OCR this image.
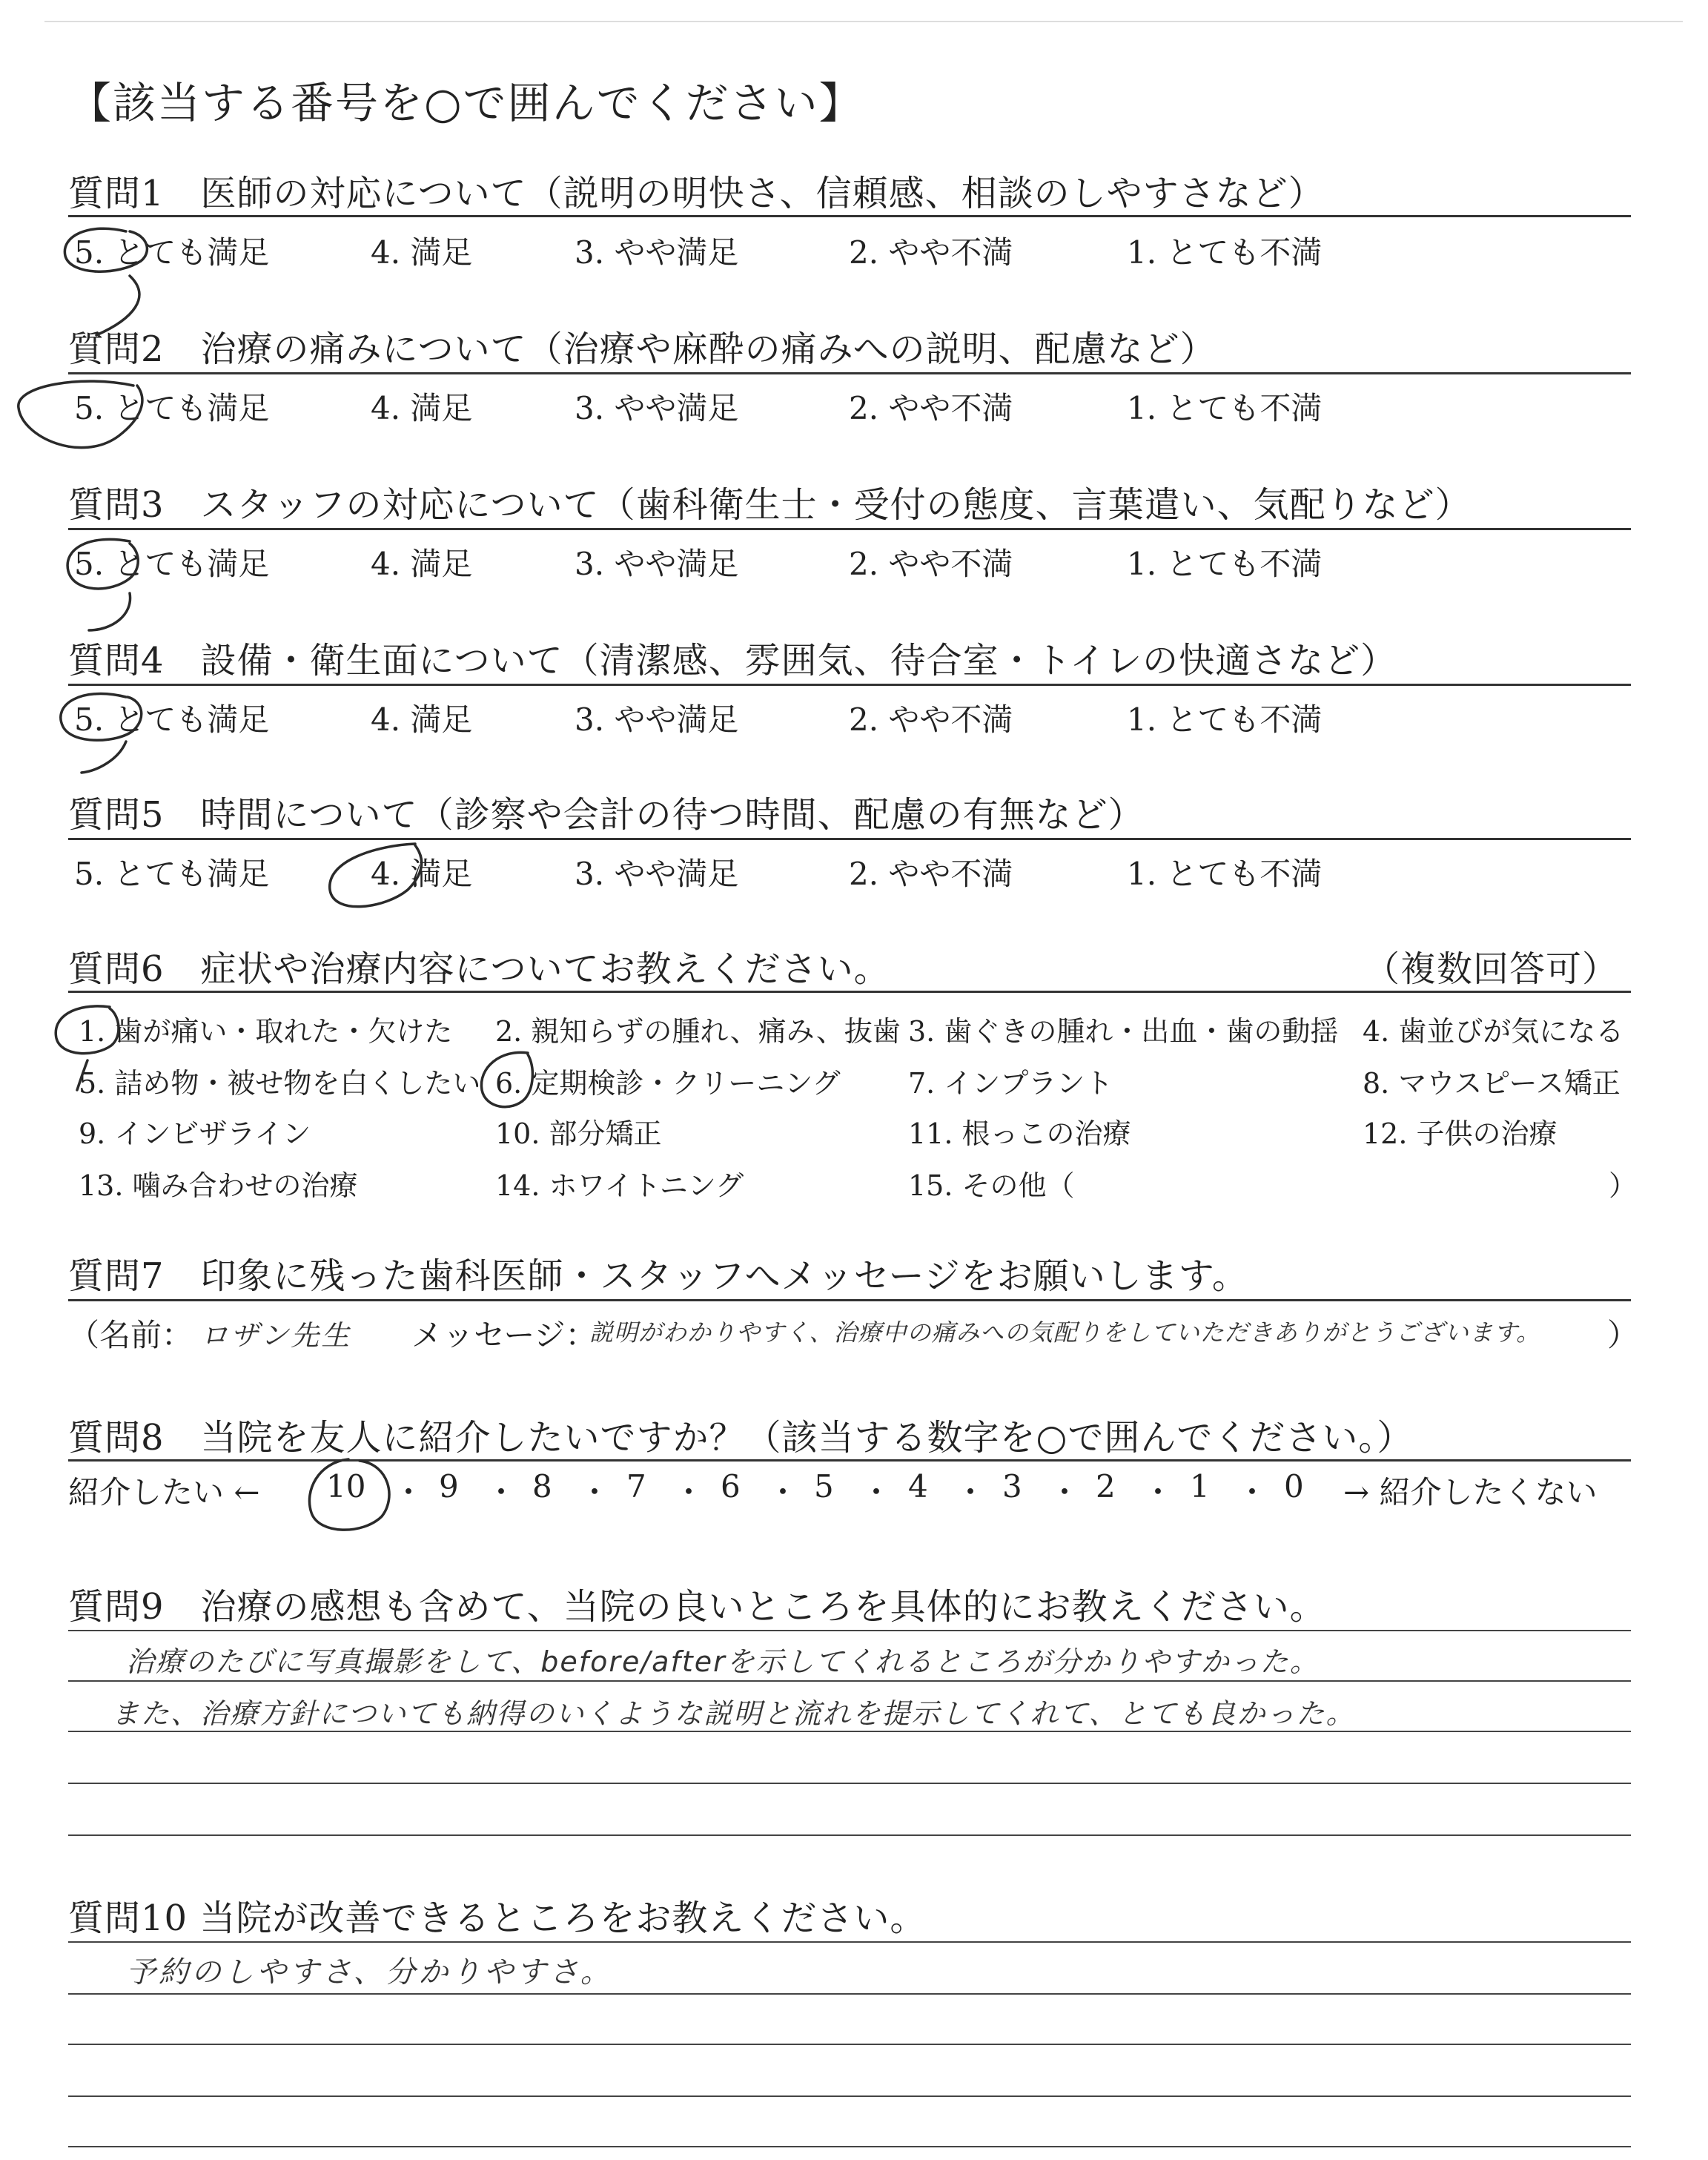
【該当する番号を○で囲んでください】
質問1　医師の対応について（説明の明快さ、信頼感、相談のしやすさなど）
5. とても満足	4. 満足	3. やや満足	2. やや不満	1. とても不満
質問2　治療の痛みについて（治療や麻酔の痛みへの説明、配慮など）
5. とても満足	4. 満足	3. やや満足	2. やや不満	1. とても不満
質問3　スタッフの対応について（歯科衛生士・受付の態度、言葉遣い、気配りなど）
5. とても満足	4. 満足	3. やや満足	2. やや不満	1. とても不満
質問4　設備・衛生面について（清潔感、雰囲気、待合室・トイレの快適さなど）
5. とても満足	4. 満足	3. やや満足	2. やや不満	1. とても不満
質問5　時間について（診察や会計の待つ時間、配慮の有無など）
5. とても満足	4. 満足	3. やや満足	2. やや不満	1. とても不満
質問6　症状や治療内容についてお教えください。	（複数回答可）
1. 歯が痛い・取れた・欠けた 2. 親知らずの腫れ、痛み、抜歯 3. 歯ぐきの腫れ・出血・歯の動揺 4. 歯並びが気になる
5. 詰め物・被せ物を白くしたい 6. 定期検診・クリーニング 7. インプラント	8. マウスピース矯正
9. インビザライン	10. 部分矯正	11. 根っこの治療	12. 子供の治療
13. 噛み合わせの治療	14. ホワイトニング	15. その他（	）
質問7　印象に残った歯科医師・スタッフへメッセージをお願いします。
（名前： ロザン先生 メッセージ：
説明がわかりやすく、治療中の痛みへの気配りをしていただきありがとうございます。 ）
質問8　当院を友人に紹介したいですか？（該当する数字を○で囲んでください。）
紹介したい ← 10 ・ 9 ・ 8 ・ 7 ・ 6 ・ 5 ・ 4 ・ 3 ・ 2 ・ 1 ・ 0 → 紹介したくない
質問9　治療の感想も含めて、当院の良いところを具体的にお教えください。
治療のたびに写真撮影をして、before/afterを示してくれるところが分かりやすかった。
また、治療方針についても納得のいくような説明と流れを提示してくれて、とても良かった。
質問10 当院が改善できるところをお教えください。
予約のしやすさ、分かりやすさ。
